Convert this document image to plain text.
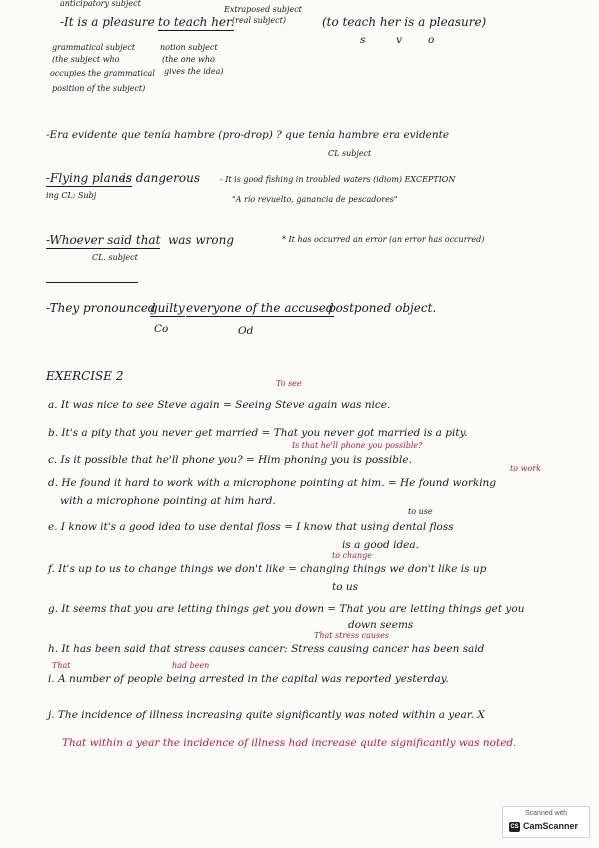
anticipatory subject
-It is a pleasure to teach her.
Extraposed subject
(real subject)	(to teach her is a pleasure)
s	v o
grammatical subject
(the subject who
occupies the grammatical
position of the subject)
notion subject
(the one who
gives the idea)
-Era evidente que tenía hambre (pro-drop) ? que tenía hambre era evidente
CL subject
-Flying planes
is dangerous
ing CL: Subj
- It is good fishing in troubled waters (idiom) EXCEPTION
"A río revuelto, ganancia de pescadores"
-Whoever said that was wrong
CL. subject
* It has occurred an error (an error has occurred)
-They pronounced
guilty everyone of the accused
postponed object.
Co	Od
EXERCISE 2
To see
a. It was nice to see Steve again = Seeing Steve again was nice.
b. It's a pity that you never get married = That you never got married is a pity.
Is that he'll phone you possible?
c. Is it possible that he'll phone you? = Him phoning you is possible.
to work
d. He found it hard to work with a microphone pointing at him. = He found working
with a microphone pointing at him hard.
to use
e. I know it's a good idea to use dental floss = I know that using dental floss
is a good idea.
to change
f. It's up to us to change things we don't like = changing things we don't like is up
to us
g. It seems that you are letting things get you down = That you are letting things get you
down seems
That stress causes
h. It has been said that stress causes cancer: Stress causing cancer has been said
That	had been
i. A number of people being arrested in the capital was reported yesterday.
j. The incidence of illness increasing quite significantly was noted within a year. X
That within a year the incidence of illness had increase quite significantly was noted.
Scanned with
CS CamScanner
